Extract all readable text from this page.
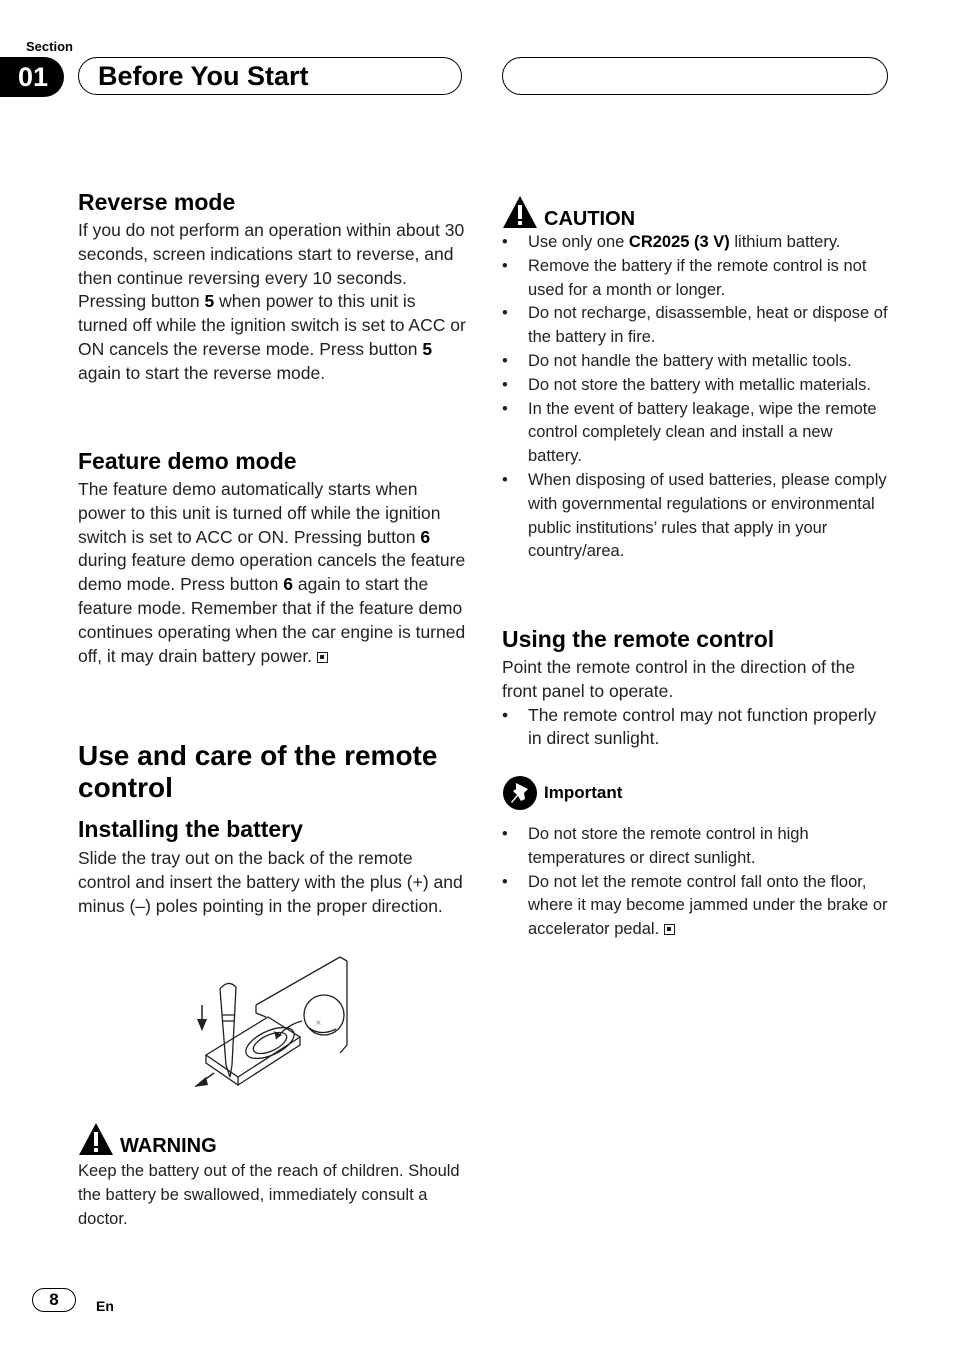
Section
01	Before You Start
Reverse mode

If you do not perform an operation within about 30 seconds, screen indications start to reverse, and then continue reversing every 10 seconds. Pressing button 5 when power to this unit is turned off while the ignition switch is set to ACC or ON cancels the reverse mode. Press button 5 again to start the reverse mode.

Feature demo mode

The feature demo automatically starts when power to this unit is turned off while the ignition switch is set to ACC or ON. Pressing button 6 during feature demo operation cancels the feature demo mode. Press button 6 again to start the feature mode. Remember that if the feature demo continues operating when the car engine is turned off, it may drain battery power.

Use and care of the remote control
Installing the battery

Slide the tray out on the back of the remote control and insert the battery with the plus (+) and minus (–) poles pointing in the proper direction.

×
WARNING

Keep the battery out of the reach of children. Should the battery be swallowed, immediately consult a doctor.

CAUTION
• Use only one CR2025 (3 V) lithium battery.
• Remove the battery if the remote control is not used for a month or longer.
• Do not recharge, disassemble, heat or dispose of the battery in fire.
• Do not handle the battery with metallic tools.
• Do not store the battery with metallic materials.
• In the event of battery leakage, wipe the remote control completely clean and install a new battery.
• When disposing of used batteries, please comply with governmental regulations or environmental public institutions’ rules that apply in your country/area.
Using the remote control

Point the remote control in the direction of the front panel to operate.

• The remote control may not function properly in direct sunlight.
Important
• Do not store the remote control in high temperatures or direct sunlight.
• Do not let the remote control fall onto the floor, where it may become jammed under the brake or accelerator pedal.
8	En
